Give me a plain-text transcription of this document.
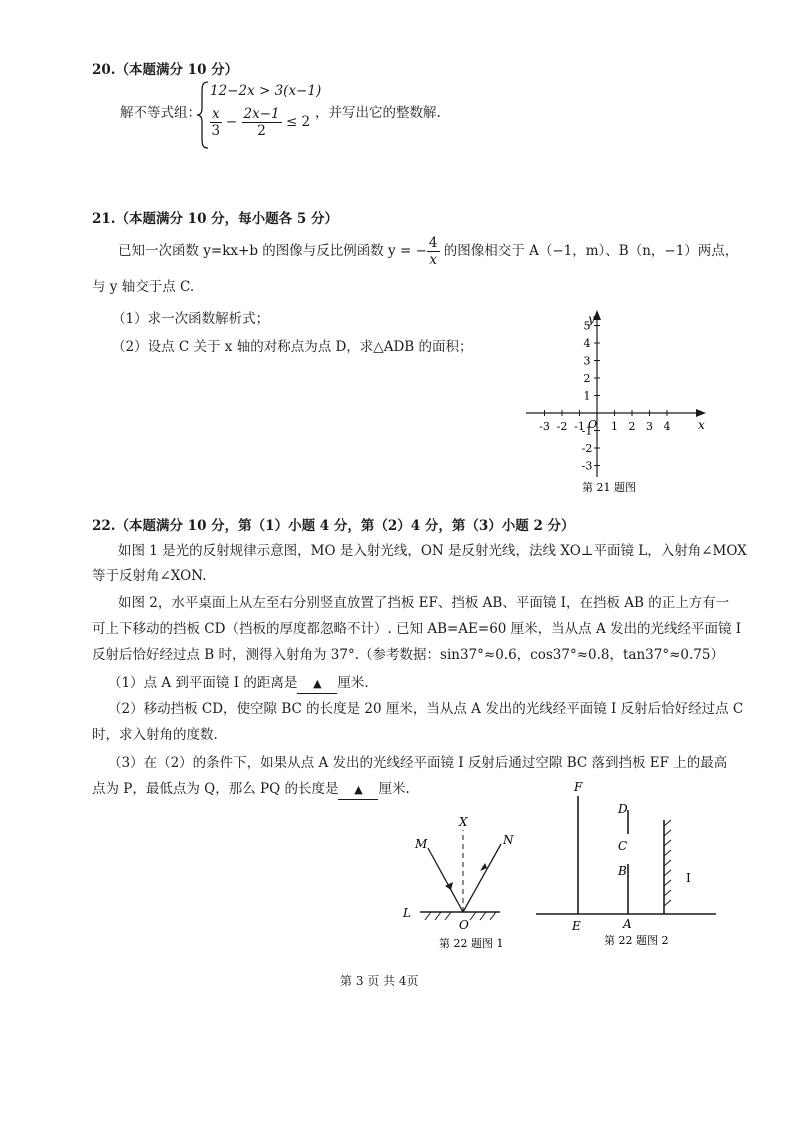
20.（本题满分 10 分）
解不等式组：
12−2x > 3(x−1)
$\frac{x}{3} - \frac{2x-1}{2} \le 2$
，并写出它的整数解.
21.（本题满分 10 分，每小题各 5 分）
已知一次函数 y=kx+b 的图像与反比例函数 y = − $\frac{4}{x}$ 的图像相交于 A（−1，m）、B（n，−1）两点，
与 y 轴交于点 C.
（1）求一次函数解析式；
（2）设点 C 关于 x 轴的对称点为点 D，求△ADB 的面积；
y
x
O
5
4
3
2
1
-1
-2
-3
-3 -2 -1 1 2 3 4
第 21 题图
22.（本题满分 10 分，第（1）小题 4 分，第（2）4 分，第（3）小题 2 分）
如图 1 是光的反射规律示意图，MO 是入射光线，ON 是反射光线，法线 XO⊥平面镜 L，入射角∠MOX
等于反射角∠XON.
如图 2，水平桌面上从左至右分别竖直放置了挡板 EF、挡板 AB、平面镜 I，在挡板 AB 的正上方有一
可上下移动的挡板 CD（挡板的厚度都忽略不计）. 已知 AB=AE=60 厘米，当从点 A 发出的光线经平面镜 I
反射后恰好经过点 B 时，测得入射角为 37°.（参考数据：sin37°≈0.6，cos37°≈0.8，tan37°≈0.75）
（1）点 A 到平面镜 I 的距离是 ▲ 厘米.
（2）移动挡板 CD，使空隙 BC 的长度是 20 厘米，当从点 A 发出的光线经平面镜 I 反射后恰好经过点 C
时，求入射角的度数.
（3）在（2）的条件下，如果从点 A 发出的光线经平面镜 I 反射后通过空隙 BC 落到挡板 EF 上的最高
点为 P，最低点为 Q，那么 PQ 的长度是 ▲ 厘米.
M
X
N
L
O
第 22 题图 1
F
D
C
B	I
E	A
第 22 题图 2
第 3 页 共 4页
